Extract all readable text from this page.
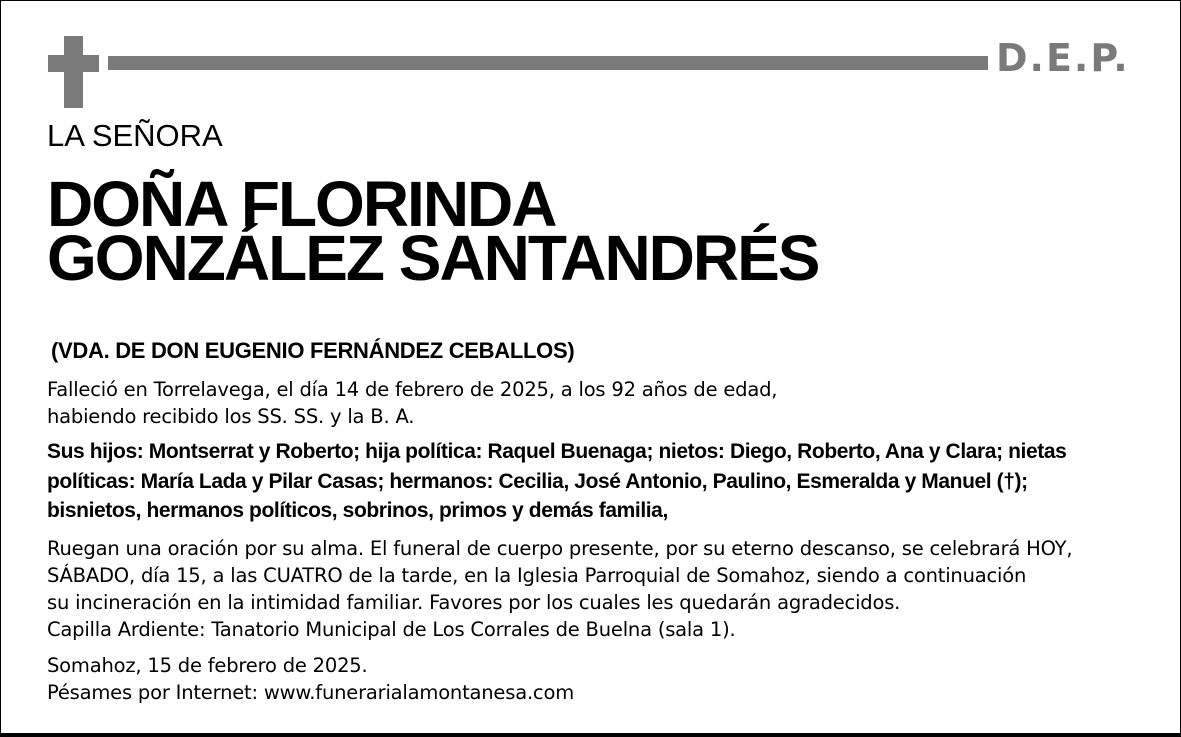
D.E.P.
LA SEÑORA
DOÑA FLORINDA
GONZÁLEZ SANTANDRÉS
(VDA. DE DON EUGENIO FERNÁNDEZ CEBALLOS)
Falleció en Torrelavega, el día 14 de febrero de 2025, a los 92 años de edad,
habiendo recibido los SS. SS. y la B. A.
Sus hijos: Montserrat y Roberto; hija política: Raquel Buenaga; nietos: Diego, Roberto, Ana y Clara; nietas
políticas: María Lada y Pilar Casas; hermanos: Cecilia, José Antonio, Paulino, Esmeralda y Manuel (†);
bisnietos, hermanos políticos, sobrinos, primos y demás familia,
Ruegan una oración por su alma. El funeral de cuerpo presente, por su eterno descanso, se celebrará HOY,
SÁBADO, día 15, a las CUATRO de la tarde, en la Iglesia Parroquial de Somahoz, siendo a continuación
su incineración en la intimidad familiar. Favores por los cuales les quedarán agradecidos.
Capilla Ardiente: Tanatorio Municipal de Los Corrales de Buelna (sala 1).
Somahoz, 15 de febrero de 2025.
Pésames por Internet: www.funerarialamontanesa.com
